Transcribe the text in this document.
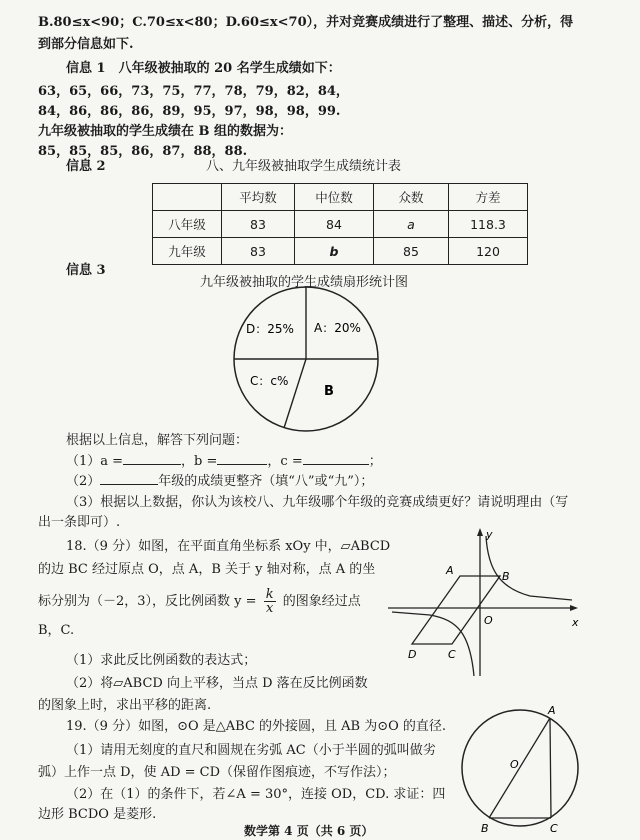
B.80≤x<90；C.70≤x<80；D.60≤x<70），并对竞赛成绩进行了整理、描述、分析，得
到部分信息如下.
信息 1　八年级被抽取的 20 名学生成绩如下：
63，65，66，73，75，77，78，79，82，84，
84，86，86，86，89，95，97，98，98，99.
九年级被抽取的学生成绩在 B 组的数据为：
85，85，85，86，87，88，88.
信息 2	八、九年级被抽取学生成绩统计表
	平均数	中位数	众数	方差
八年级	83	84	a	118.3
九年级	83	b	85	120
信息 3
九年级被抽取的学生成绩扇形统计图
A：20%
B
C：c%
D：25%
根据以上信息，解答下列问题：
（1）a =	，b =	，c =	；
（2）	年级的成绩更整齐（填“八”或“九”）；
（3）根据以上数据，你认为该校八、九年级哪个年级的竞赛成绩更好？请说明理由（写
出一条即可）.
18.（9 分）如图，在平面直角坐标系 xOy 中，▱ABCD
的边 BC 经过原点 O，点 A，B 关于 y 轴对称，点 A 的坐
标分别为（－2，3），反比例函数 $y = \frac{k}{x}$ 的图象经过点
B，C.
（1）求此反比例函数的表达式；
（2）将▱ABCD 向上平移，当点 D 落在反比例函数
的图象上时，求出平移的距离.
A	B
O
D	C
y
x
19.（9 分）如图，⊙O 是△ABC 的外接圆，且 AB 为⊙O 的直径.
（1）请用无刻度的直尺和圆规在劣弧 AC（小于半圆的弧叫做劣
弧）上作一点 D，使 AD = CD（保留作图痕迹，不写作法）；
（2）在（1）的条件下，若∠A = 30°，连接 OD，CD. 求证：四
边形 BCDO 是菱形.
A
O
B	C
数学第 4 页（共 6 页）
